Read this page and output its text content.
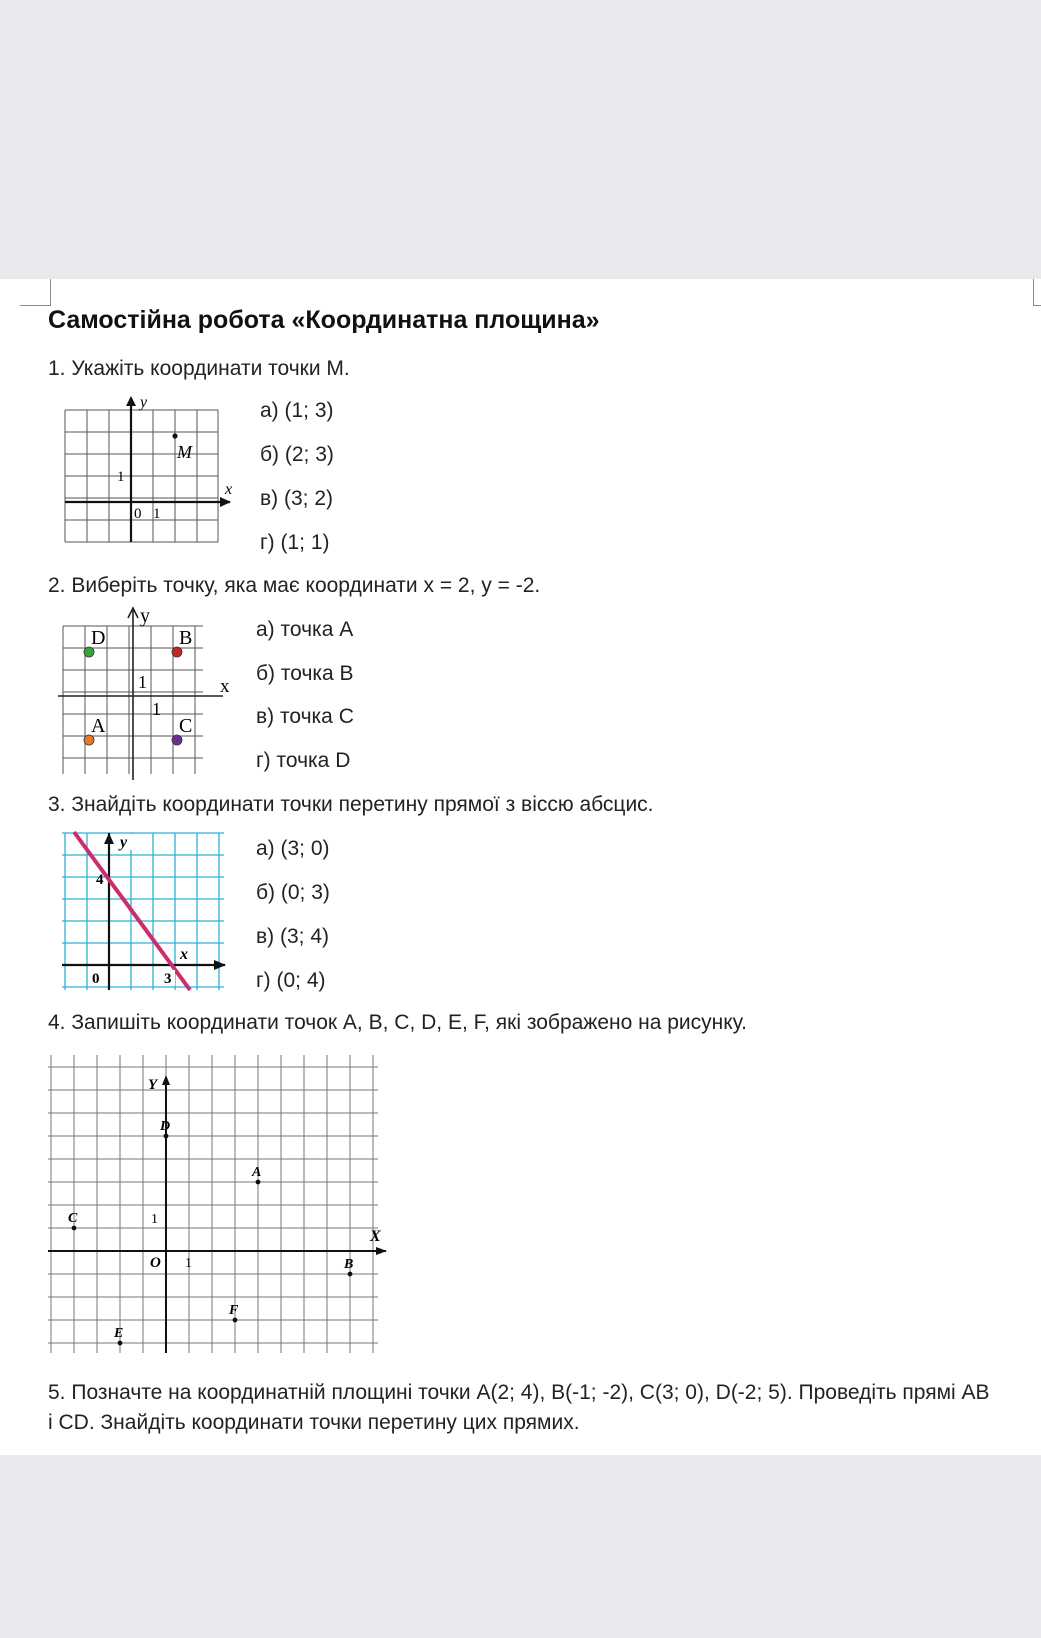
Самостійна робота «Координатна площина»
1. Укажіть координати точки M.
y
x
M
1
0 1
а) (1; 3)
б) (2; 3)
в) (3; 2)
г) (1; 1)
2. Виберіть точку, яка має координати x = 2, y = -2.
D	B
A	C
y
x
1
1
а) точка A
б) точка B
в) точка C
г) точка D
3. Знайдіть координати точки перетину прямої з віссю абсцис.
y
x
4
0	3
а) (3; 0)
б) (0; 3)
в) (3; 4)
г) (0; 4)
4. Запишіть координати точок A, B, C, D, E, F, які зображено на рисунку.
A
B
C
D
E
F
Y
X
O 1
1
5. Позначте на координатній площині точки A(2; 4), B(-1; -2), C(3; 0), D(-2; 5). Проведіть прямі AB і CD. Знайдіть координати точки перетину цих прямих.
